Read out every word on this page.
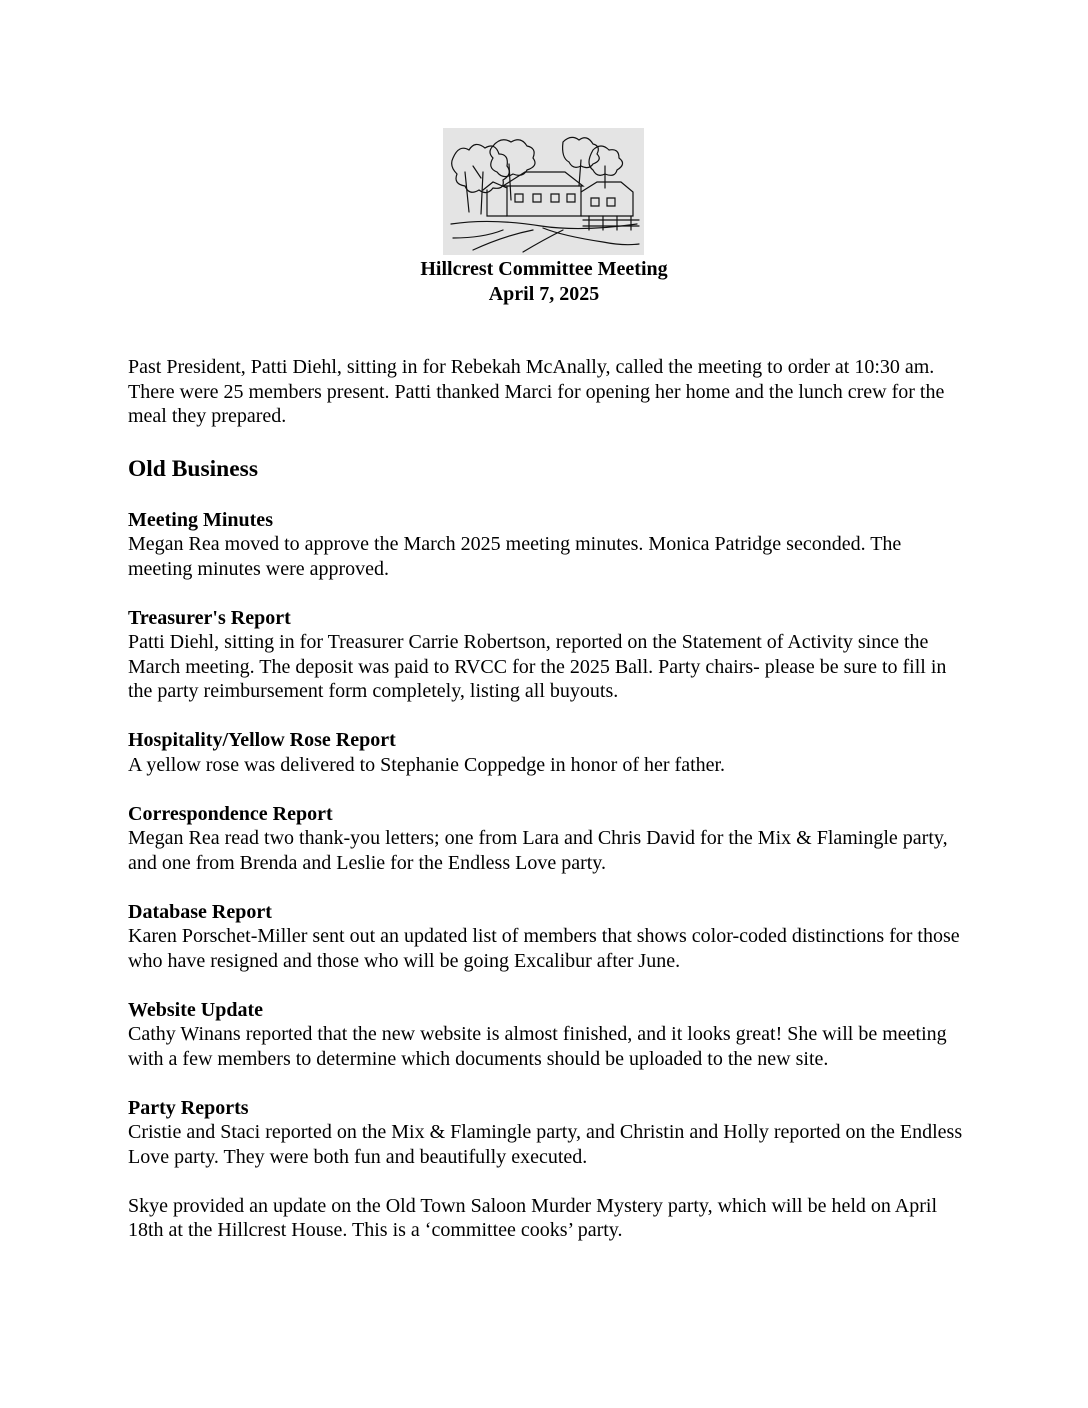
Hillcrest Committee Meeting
April 7, 2025

Past President, Patti Diehl, sitting in for Rebekah McAnally, called the meeting to order at 10:30 am. There were 25 members present. Patti thanked Marci for opening her home and the lunch crew for the meal they prepared.

Old Business
Meeting Minutes

Megan Rea moved to approve the March 2025 meeting minutes. Monica Patridge seconded. The meeting minutes were approved.

Treasurer's Report

Patti Diehl, sitting in for Treasurer Carrie Robertson, reported on the Statement of Activity since the March meeting. The deposit was paid to RVCC for the 2025 Ball. Party chairs- please be sure to fill in the party reimbursement form completely, listing all buyouts.

Hospitality/Yellow Rose Report

A yellow rose was delivered to Stephanie Coppedge in honor of her father.

Correspondence Report

Megan Rea read two thank-you letters; one from Lara and Chris David for the Mix & Flamingle party, and one from Brenda and Leslie for the Endless Love party.

Database Report

Karen Porschet-Miller sent out an updated list of members that shows color-coded distinctions for those who have resigned and those who will be going Excalibur after June.

Website Update

Cathy Winans reported that the new website is almost finished, and it looks great! She will be meeting with a few members to determine which documents should be uploaded to the new site.

Party Reports

Cristie and Staci reported on the Mix & Flamingle party, and Christin and Holly reported on the Endless Love party. They were both fun and beautifully executed.

Skye provided an update on the Old Town Saloon Murder Mystery party, which will be held on April 18th at the Hillcrest House. This is a ‘committee cooks’ party.
